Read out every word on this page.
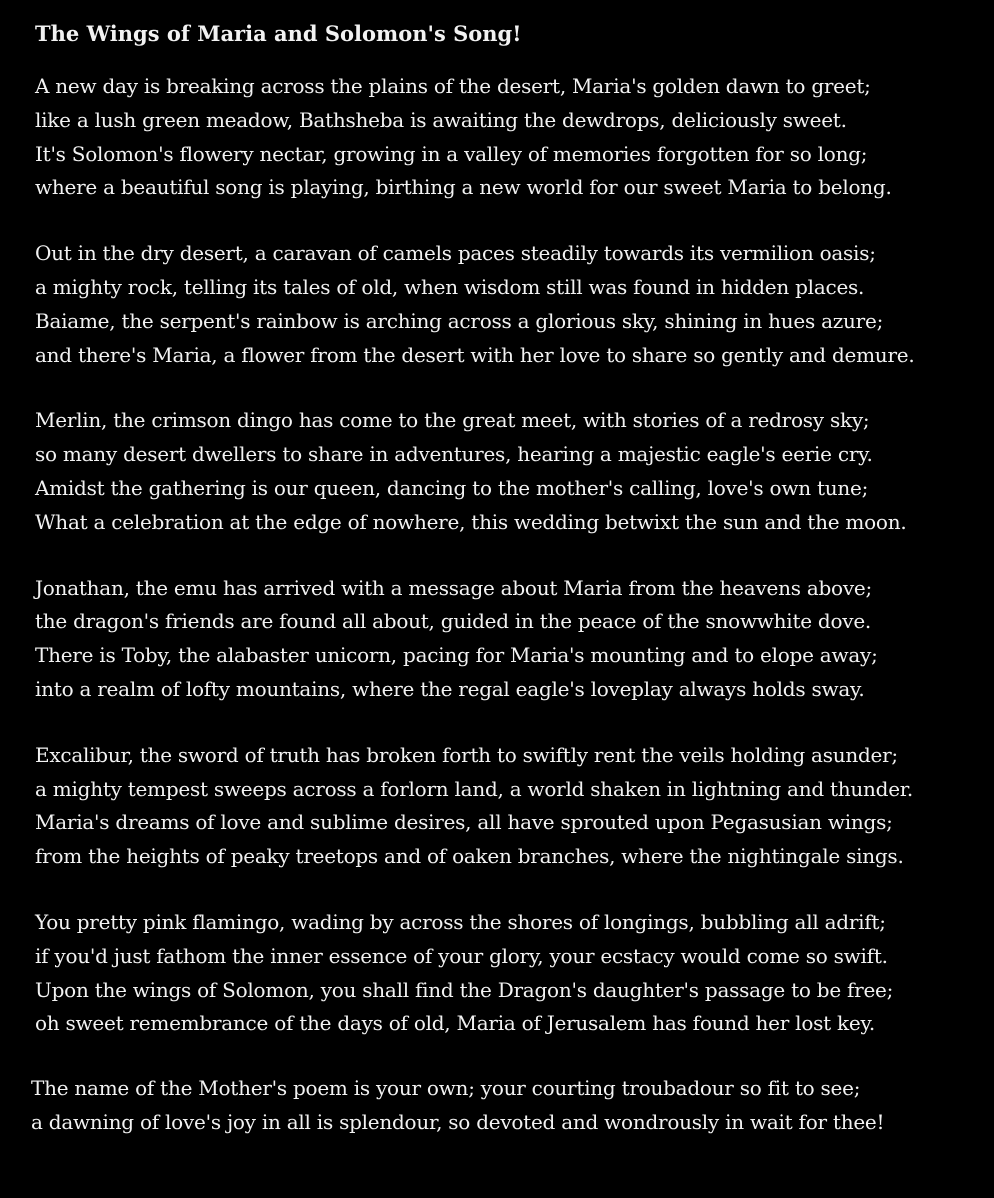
The Wings of Maria and Solomon's Song!
A new day is breaking across the plains of the desert, Maria's golden dawn to greet;
like a lush green meadow, Bathsheba is awaiting the dewdrops, deliciously sweet.
It's Solomon's flowery nectar, growing in a valley of memories forgotten for so long;
where a beautiful song is playing, birthing a new world for our sweet Maria to belong.
Out in the dry desert, a caravan of camels paces steadily towards its vermilion oasis;
a mighty rock, telling its tales of old, when wisdom still was found in hidden places.
Baiame, the serpent's rainbow is arching across a glorious sky, shining in hues azure;
and there's Maria, a flower from the desert with her love to share so gently and demure.
Merlin, the crimson dingo has come to the great meet, with stories of a redrosy sky;
so many desert dwellers to share in adventures, hearing a majestic eagle's eerie cry.
Amidst the gathering is our queen, dancing to the mother's calling, love's own tune;
What a celebration at the edge of nowhere, this wedding betwixt the sun and the moon.
Jonathan, the emu has arrived with a message about Maria from the heavens above;
the dragon's friends are found all about, guided in the peace of the snowwhite dove.
There is Toby, the alabaster unicorn, pacing for Maria's mounting and to elope away;
into a realm of lofty mountains, where the regal eagle's loveplay always holds sway.
Excalibur, the sword of truth has broken forth to swiftly rent the veils holding asunder;
a mighty tempest sweeps across a forlorn land, a world shaken in lightning and thunder.
Maria's dreams of love and sublime desires, all have sprouted upon Pegasusian wings;
from the heights of peaky treetops and of oaken branches, where the nightingale sings.
You pretty pink flamingo, wading by across the shores of longings, bubbling all adrift;
if you'd just fathom the inner essence of your glory, your ecstacy would come so swift.
Upon the wings of Solomon, you shall find the Dragon's daughter's passage to be free;
oh sweet remembrance of the days of old, Maria of Jerusalem has found her lost key.
The name of the Mother's poem is your own; your courting troubadour so fit to see;
a dawning of love's joy in all is splendour, so devoted and wondrously in wait for thee!
